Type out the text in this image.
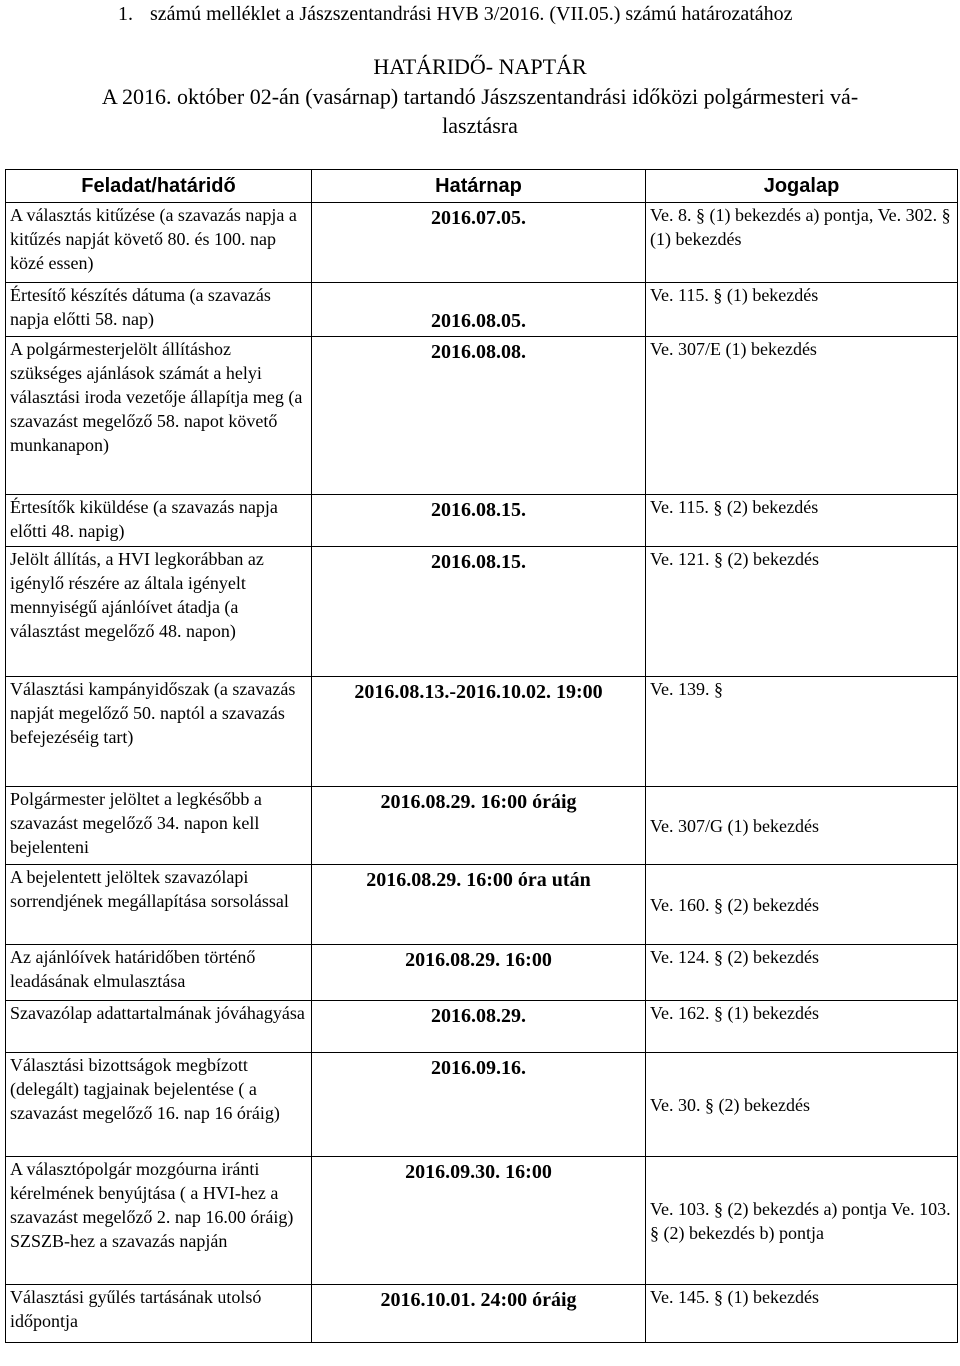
1. számú melléklet a Jászszentandrási HVB 3/2016. (VII.05.) számú határozatához
HATÁRIDŐ- NAPTÁR
A 2016. október 02-án (vasárnap) tartandó Jászszentandrási időközi polgármesteri vá-
lasztásra
Feladat/határidő	Határnap	Jogalap
A választás kitűzése (a szavazás napja a kitűzés napját követő 80. és 100. nap közé essen)	2016.07.05.	Ve. 8. § (1) bekezdés a) pontja, Ve. 302. § (1) bekezdés
Értesítő készítés dátuma (a szavazás napja előtti 58. nap)	2016.08.05.	Ve. 115. § (1) bekezdés
A polgármesterjelölt állításhoz szükséges ajánlások számát a helyi választási iroda vezetője állapítja meg (a szavazást megelőző 58. napot követő munkanapon)	2016.08.08.	Ve. 307/E (1) bekezdés
Értesítők kiküldése (a szavazás napja előtti 48. napig)	2016.08.15.	Ve. 115. § (2) bekezdés
Jelölt állítás, a HVI legkorábban az igénylő részére az általa igényelt mennyiségű ajánlóívet átadja (a választást megelőző 48. napon)	2016.08.15.	Ve. 121. § (2) bekezdés
Választási kampányidőszak (a szavazás napját megelőző 50. naptól a szavazás befejezéséig tart)	2016.08.13.-2016.10.02. 19:00	Ve. 139. §
Polgármester jelöltet a legkésőbb a szavazást megelőző 34. napon kell bejelenteni	2016.08.29. 16:00 óráig	Ve. 307/G (1) bekezdés
A bejelentett jelöltek szavazólapi sorrendjének megállapítása sorsolással	2016.08.29. 16:00 óra után	Ve. 160. § (2) bekezdés
Az ajánlóívek határidőben történő leadásának elmulasztása	2016.08.29. 16:00	Ve. 124. § (2) bekezdés
Szavazólap adattartalmának jóváhagyása	2016.08.29.	Ve. 162. § (1) bekezdés
Választási bizottságok megbízott (delegált) tagjainak bejelentése ( a szavazást megelőző 16. nap 16 óráig)	2016.09.16.	Ve. 30. § (2) bekezdés
A választópolgár mozgóurna iránti kérelmének benyújtása ( a HVI-hez a szavazást megelőző 2. nap 16.00 óráig) SZSZB-hez a szavazás napján	2016.09.30. 16:00	Ve. 103. § (2) bekezdés a) pontja Ve. 103. § (2) bekezdés b) pontja
Választási gyűlés tartásának utolsó időpontja	2016.10.01. 24:00 óráig	Ve. 145. § (1) bekezdés
